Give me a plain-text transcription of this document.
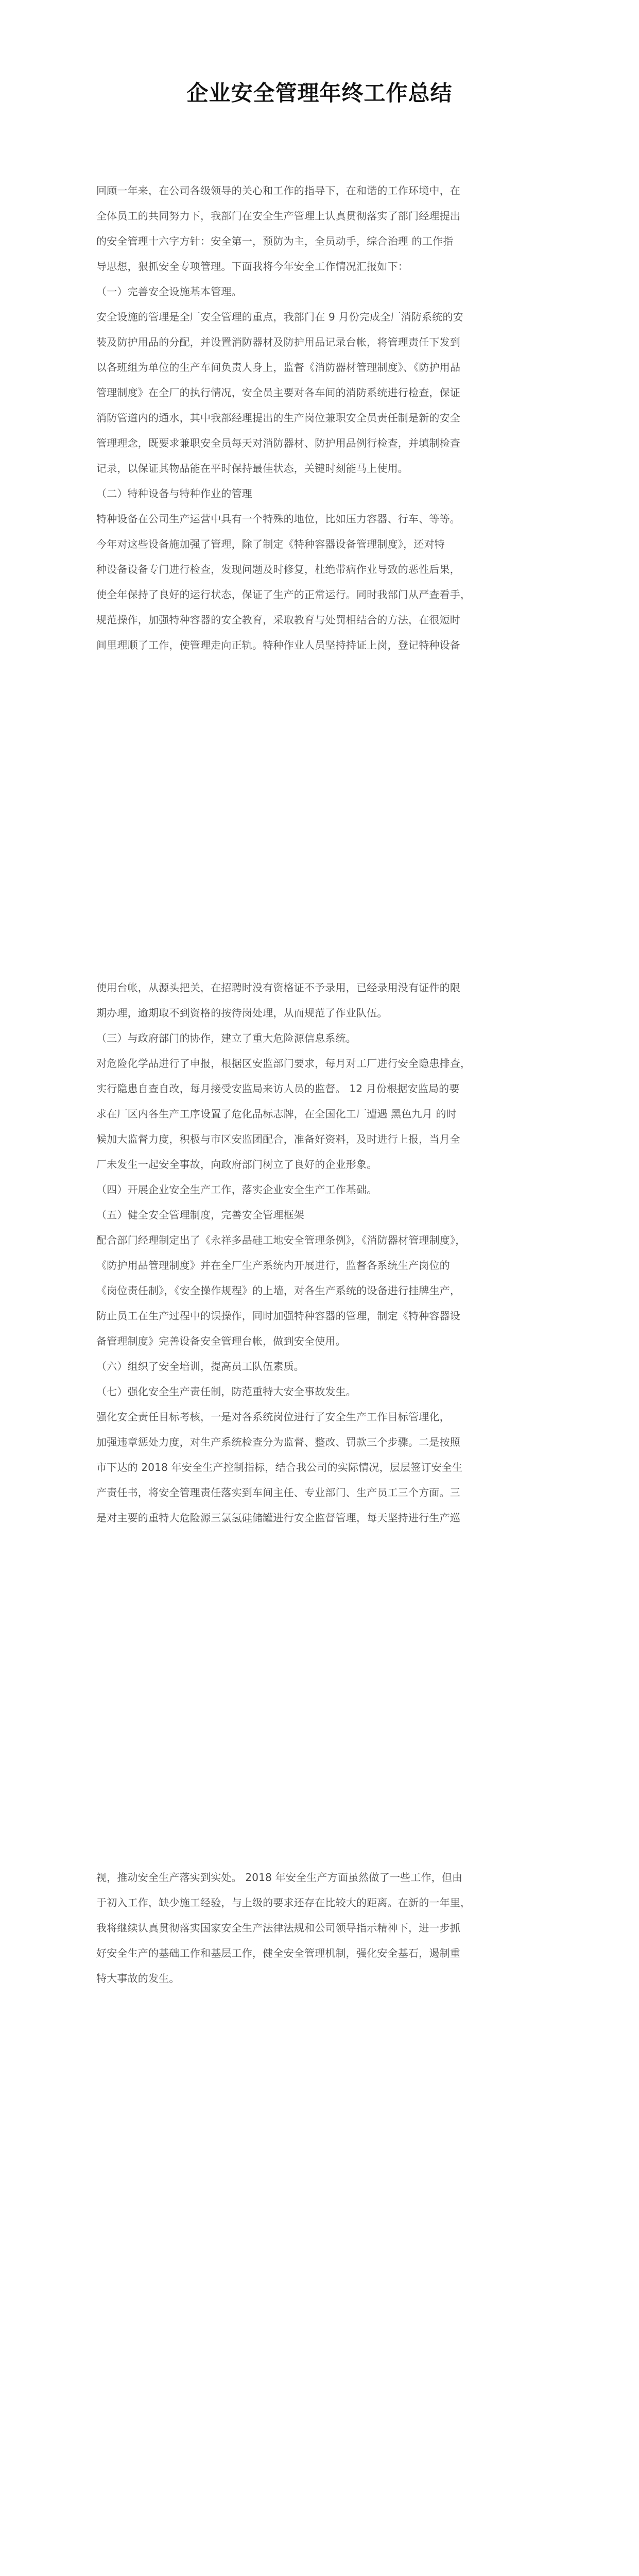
企业安全管理年终工作总结

回顾一年来，在公司各级领导的关心和工作的指导下，在和谐的工作环境中，在

全体员工的共同努力下，我部门在安全生产管理上认真贯彻落实了部门经理提出

的安全管理十六字方针：安全第一，预防为主，全员动手，综合治理 的工作指

导思想，狠抓安全专项管理。下面我将今年安全工作情况汇报如下：

（一）完善安全设施基本管理。

安全设施的管理是全厂安全管理的重点，我部门在 9 月份完成全厂消防系统的安

装及防护用品的分配，并设置消防器材及防护用品记录台帐，将管理责任下发到

以各班组为单位的生产车间负责人身上，监督《消防器材管理制度》、《防护用品

管理制度》在全厂的执行情况，安全员主要对各车间的消防系统进行检查，保证

消防管道内的通水，其中我部经理提出的生产岗位兼职安全员责任制是新的安全

管理理念，既要求兼职安全员每天对消防器材、防护用品例行检查，并填制检查

记录，以保证其物品能在平时保持最佳状态，关键时刻能马上使用。

（二）特种设备与特种作业的管理

特种设备在公司生产运营中具有一个特殊的地位，比如压力容器、行车、等等。

今年对这些设备施加强了管理，除了制定《特种容器设备管理制度》，还对特

种设备设备专门进行检查，发现问题及时修复，杜绝带病作业导致的恶性后果，

使全年保持了良好的运行状态，保证了生产的正常运行。同时我部门从严查看手，

规范操作，加强特种容器的安全教育，采取教育与处罚相结合的方法，在很短时

间里理顺了工作，使管理走向正轨。特种作业人员坚持持证上岗，登记特种设备

使用台帐，从源头把关，在招聘时没有资格证不予录用，已经录用没有证件的限

期办理，逾期取不到资格的按待岗处理，从而规范了作业队伍。

（三）与政府部门的协作，建立了重大危险源信息系统。

对危险化学品进行了申报，根据区安监部门要求，每月对工厂进行安全隐患排查，

实行隐患自查自改，每月接受安监局来访人员的监督。 12 月份根据安监局的要

求在厂区内各生产工序设置了危化品标志牌，在全国化工厂遭遇 黑色九月 的时

候加大监督力度，积极与市区安监团配合，准备好资料，及时进行上报，当月全

厂未发生一起安全事故，向政府部门树立了良好的企业形象。

（四）开展企业安全生产工作，落实企业安全生产工作基础。

（五）健全安全管理制度，完善安全管理框架

配合部门经理制定出了《永祥多晶硅工地安全管理条例》，《消防器材管理制度》，

《防护用品管理制度》并在全厂生产系统内开展进行，监督各系统生产岗位的

《岗位责任制》，《安全操作规程》的上墙，对各生产系统的设备进行挂牌生产，

防止员工在生产过程中的误操作，同时加强特种容器的管理，制定《特种容器设

备管理制度》完善设备安全管理台帐，做到安全使用。

（六）组织了安全培训，提高员工队伍素质。

（七）强化安全生产责任制，防范重特大安全事故发生。

强化安全责任目标考核，一是对各系统岗位进行了安全生产工作目标管理化，

加强违章惩处力度，对生产系统检查分为监督、整改、罚款三个步骤。二是按照

市下达的 2018 年安全生产控制指标，结合我公司的实际情况，层层签订安全生

产责任书，将安全管理责任落实到车间主任、专业部门、生产员工三个方面。三

是对主要的重特大危险源三氯氢硅储罐进行安全监督管理，每天坚持进行生产巡

视，推动安全生产落实到实处。 2018 年安全生产方面虽然做了一些工作，但由

于初入工作，缺少施工经验，与上级的要求还存在比较大的距离。在新的一年里，

我将继续认真贯彻落实国家安全生产法律法规和公司领导指示精神下，进一步抓

好安全生产的基础工作和基层工作，健全安全管理机制，强化安全基石，遏制重

特大事故的发生。
